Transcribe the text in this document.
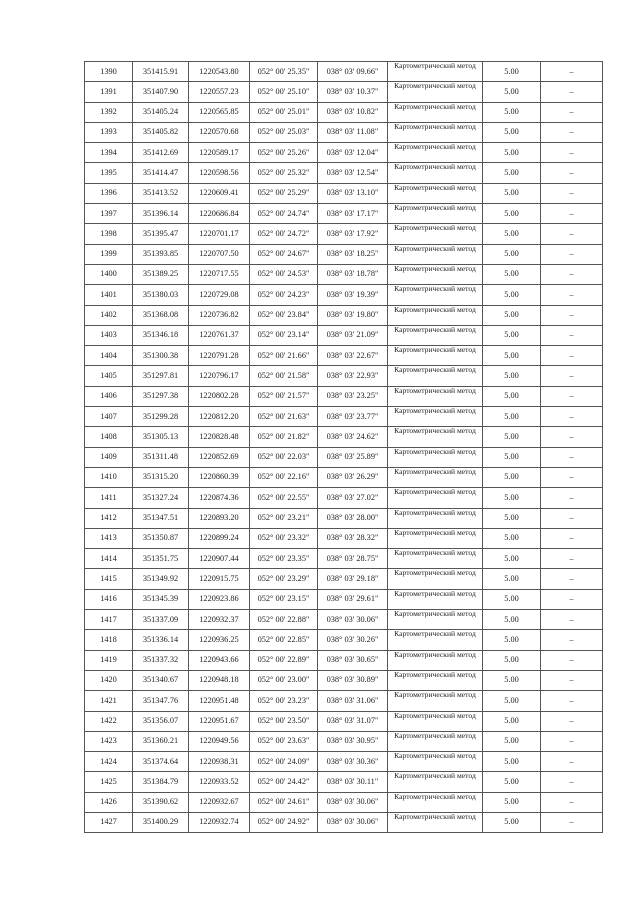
1390	351415.91	1220543.80	052° 00' 25.35"	038° 03' 09.66"	Картометрический метод	5.00	–
1391	351407.90	1220557.23	052° 00' 25.10"	038° 03' 10.37"	Картометрический метод	5.00	–
1392	351405.24	1220565.85	052° 00' 25.01"	038° 03' 10.82"	Картометрический метод	5.00	–
1393	351405.82	1220570.68	052° 00' 25.03"	038° 03' 11.08"	Картометрический метод	5.00	–
1394	351412.69	1220589.17	052° 00' 25.26"	038° 03' 12.04"	Картометрический метод	5.00	–
1395	351414.47	1220598.56	052° 00' 25.32"	038° 03' 12.54"	Картометрический метод	5.00	–
1396	351413.52	1220609.41	052° 00' 25.29"	038° 03' 13.10"	Картометрический метод	5.00	–
1397	351396.14	1220686.84	052° 00' 24.74"	038° 03' 17.17"	Картометрический метод	5.00	–
1398	351395.47	1220701.17	052° 00' 24.72"	038° 03' 17.92"	Картометрический метод	5.00	–
1399	351393.85	1220707.50	052° 00' 24.67"	038° 03' 18.25"	Картометрический метод	5.00	–
1400	351389.25	1220717.55	052° 00' 24.53"	038° 03' 18.78"	Картометрический метод	5.00	–
1401	351380.03	1220729.08	052° 00' 24.23"	038° 03' 19.39"	Картометрический метод	5.00	–
1402	351368.08	1220736.82	052° 00' 23.84"	038° 03' 19.80"	Картометрический метод	5.00	–
1403	351346.18	1220761.37	052° 00' 23.14"	038° 03' 21.09"	Картометрический метод	5.00	–
1404	351300.38	1220791.28	052° 00' 21.66"	038° 03' 22.67"	Картометрический метод	5.00	–
1405	351297.81	1220796.17	052° 00' 21.58"	038° 03' 22.93"	Картометрический метод	5.00	–
1406	351297.38	1220802.28	052° 00' 21.57"	038° 03' 23.25"	Картометрический метод	5.00	–
1407	351299.28	1220812.20	052° 00' 21.63"	038° 03' 23.77"	Картометрический метод	5.00	–
1408	351305.13	1220828.48	052° 00' 21.82"	038° 03' 24.62"	Картометрический метод	5.00	–
1409	351311.48	1220852.69	052° 00' 22.03"	038° 03' 25.89"	Картометрический метод	5.00	–
1410	351315.20	1220860.39	052° 00' 22.16"	038° 03' 26.29"	Картометрический метод	5.00	–
1411	351327.24	1220874.36	052° 00' 22.55"	038° 03' 27.02"	Картометрический метод	5.00	–
1412	351347.51	1220893.20	052° 00' 23.21"	038° 03' 28.00"	Картометрический метод	5.00	–
1413	351350.87	1220899.24	052° 00' 23.32"	038° 03' 28.32"	Картометрический метод	5.00	–
1414	351351.75	1220907.44	052° 00' 23.35"	038° 03' 28.75"	Картометрический метод	5.00	–
1415	351349.92	1220915.75	052° 00' 23.29"	038° 03' 29.18"	Картометрический метод	5.00	–
1416	351345.39	1220923.86	052° 00' 23.15"	038° 03' 29.61"	Картометрический метод	5.00	–
1417	351337.09	1220932.37	052° 00' 22.88"	038° 03' 30.06"	Картометрический метод	5.00	–
1418	351336.14	1220936.25	052° 00' 22.85"	038° 03' 30.26"	Картометрический метод	5.00	–
1419	351337.32	1220943.66	052° 00' 22.89"	038° 03' 30.65"	Картометрический метод	5.00	–
1420	351340.67	1220948.18	052° 00' 23.00"	038° 03' 30.89"	Картометрический метод	5.00	–
1421	351347.76	1220951.48	052° 00' 23.23"	038° 03' 31.06"	Картометрический метод	5.00	–
1422	351356.07	1220951.67	052° 00' 23.50"	038° 03' 31.07"	Картометрический метод	5.00	–
1423	351360.21	1220949.56	052° 00' 23.63"	038° 03' 30.95"	Картометрический метод	5.00	–
1424	351374.64	1220938.31	052° 00' 24.09"	038° 03' 30.36"	Картометрический метод	5.00	–
1425	351384.79	1220933.52	052° 00' 24.42"	038° 03' 30.11"	Картометрический метод	5.00	–
1426	351390.62	1220932.67	052° 00' 24.61"	038° 03' 30.06"	Картометрический метод	5.00	–
1427	351400.29	1220932.74	052° 00' 24.92"	038° 03' 30.06"	Картометрический метод	5.00	–
